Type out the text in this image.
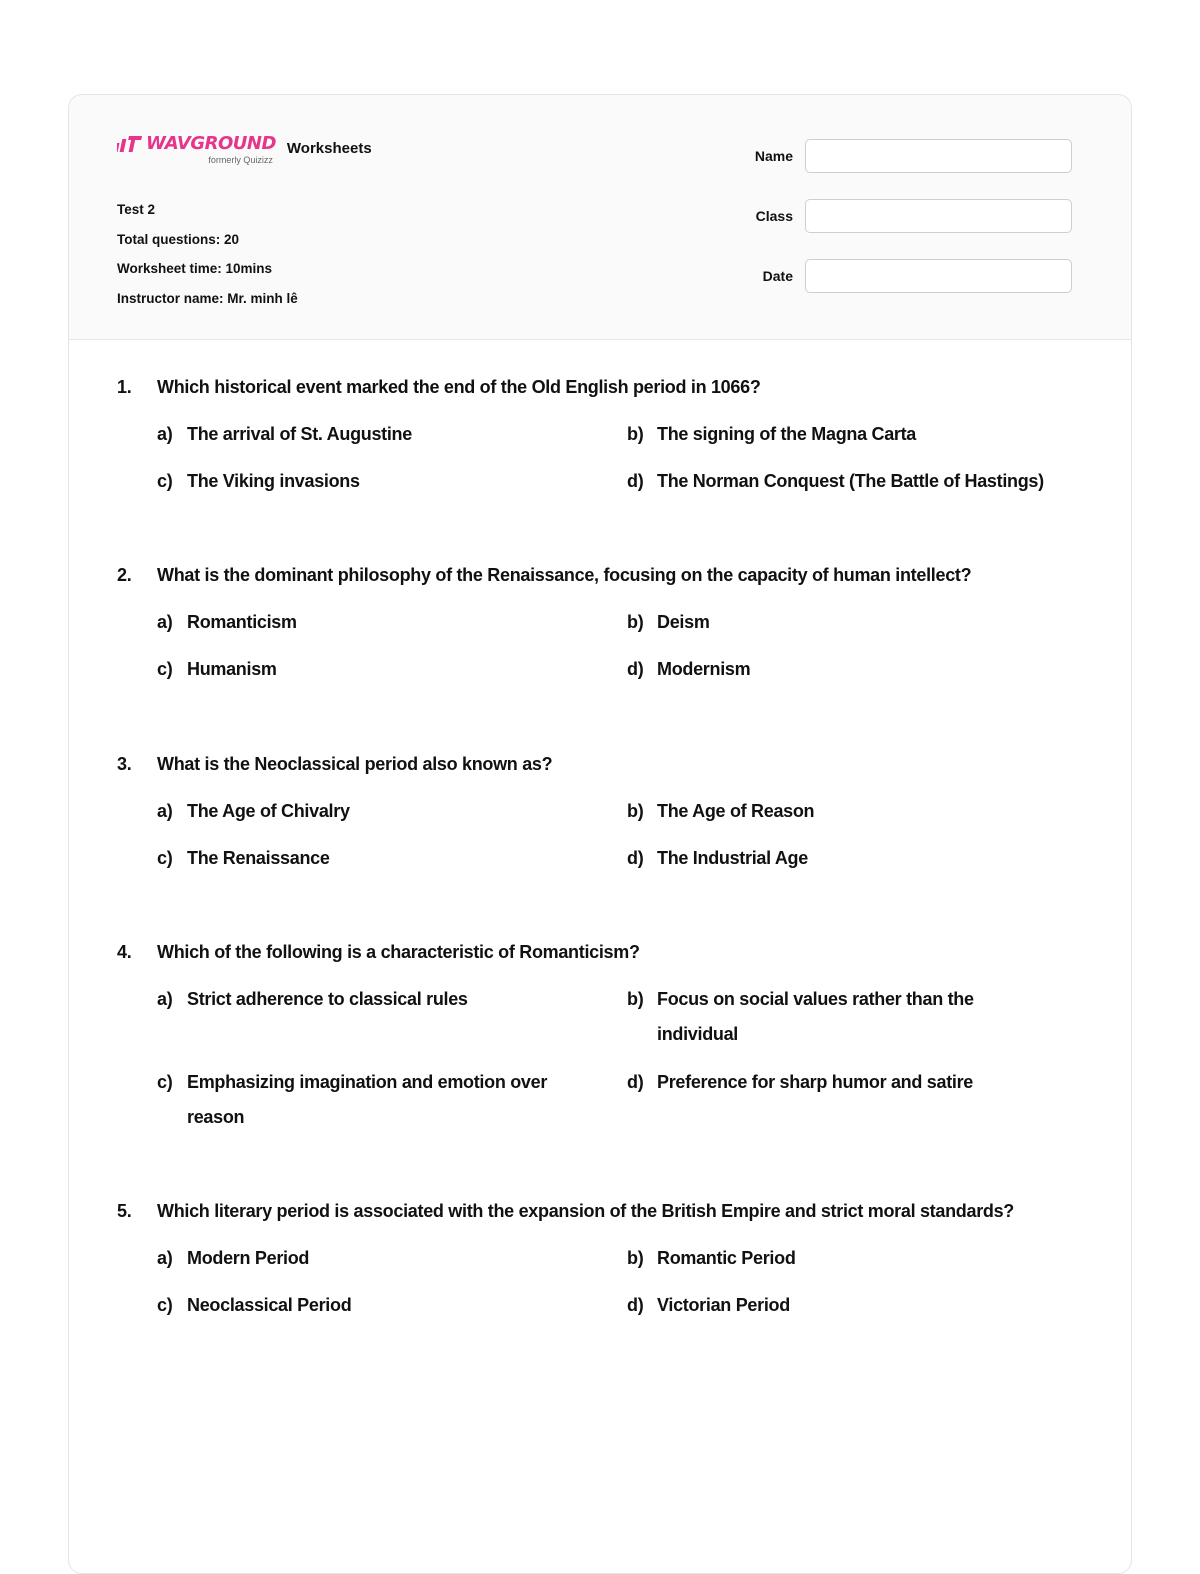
WAVGROUND
formerly Quizizz
Worksheets
Test 2
Total questions: 20
Worksheet time: 10mins
Instructor name: Mr. minh lê
Name
Class
Date
1.	Which historical event marked the end of the Old English period in 1066?
a) The arrival of St. Augustine	b) The signing of the Magna Carta
c) The Viking invasions	d) The Norman Conquest (The Battle of Hastings)
2.	What is the dominant philosophy of the Renaissance, focusing on the capacity of human intellect?
a) Romanticism	b) Deism
c) Humanism	d) Modernism
3.	What is the Neoclassical period also known as?
a) The Age of Chivalry	b) The Age of Reason
c) The Renaissance	d) The Industrial Age
4.	Which of the following is a characteristic of Romanticism?
a) Strict adherence to classical rules	b) Focus on social values rather than the individual
c) Emphasizing imagination and emotion over reason
d) Preference for sharp humor and satire
5.	Which literary period is associated with the expansion of the British Empire and strict moral standards?
a) Modern Period	b) Romantic Period
c) Neoclassical Period	d) Victorian Period
